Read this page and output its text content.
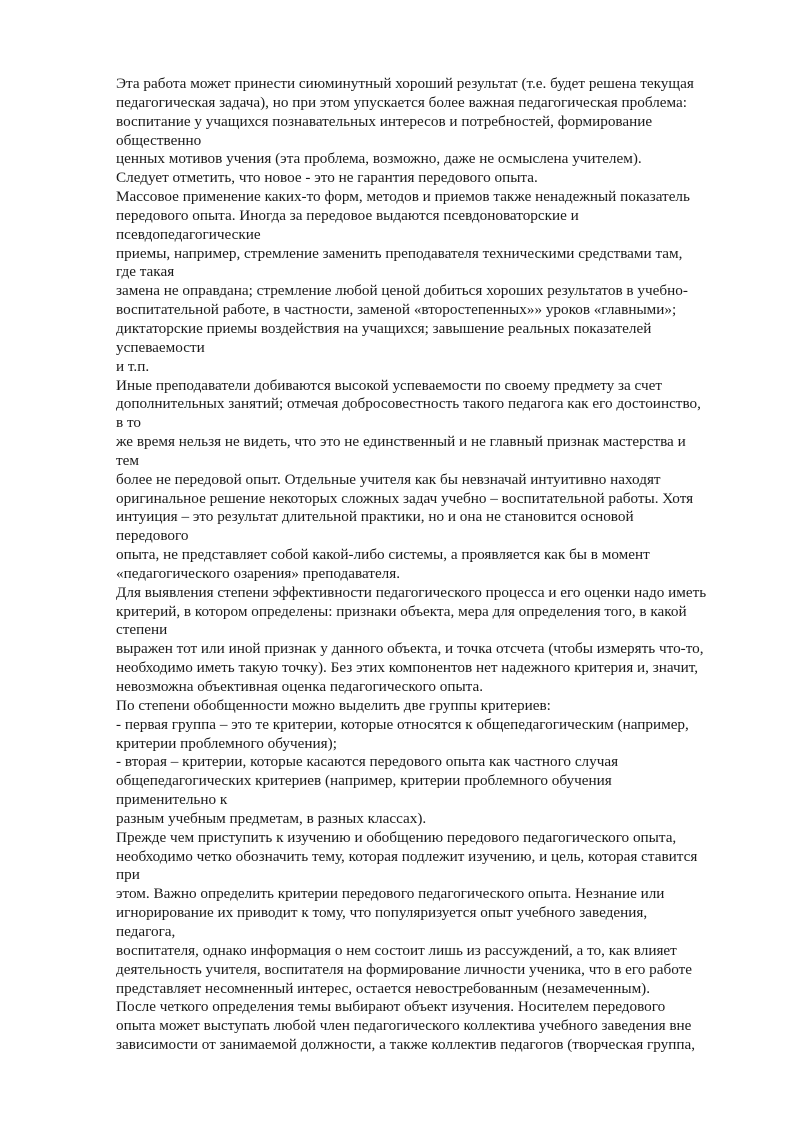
Эта работа может принести сиюминутный хороший результат (т.е. будет решена текущая
педагогическая задача), но при этом упускается более важная педагогическая проблема:
воспитание у учащихся познавательных интересов и потребностей, формирование
общественно
ценных мотивов учения (эта проблема, возможно, даже не осмыслена учителем).
Следует отметить, что новое - это не гарантия передового опыта.
Массовое применение каких-то форм, методов и приемов также ненадежный показатель
передового опыта. Иногда за передовое выдаются псевдоноваторские и
псевдопедагогические
приемы, например, стремление заменить преподавателя техническими средствами там,
где такая
замена не оправдана; стремление любой ценой добиться хороших результатов в учебно-
воспитательной работе, в частности, заменой «второстепенных»» уроков «главными»;
диктаторские приемы воздействия на учащихся; завышение реальных показателей
успеваемости
и т.п.
Иные преподаватели добиваются высокой успеваемости по своему предмету за счет
дополнительных занятий; отмечая добросовестность такого педагога как его достоинство,
в то
же время нельзя не видеть, что это не единственный и не главный признак мастерства и
тем
более не передовой опыт. Отдельные учителя как бы невзначай интуитивно находят
оригинальное решение некоторых сложных задач учебно – воспитательной работы. Хотя
интуиция – это результат длительной практики, но и она не становится основой
передового
опыта, не представляет собой какой-либо системы, а проявляется как бы в момент
«педагогического озарения» преподавателя.
Для выявления степени эффективности педагогического процесса и его оценки надо иметь
критерий, в котором определены: признаки объекта, мера для определения того, в какой
степени
выражен тот или иной признак у данного объекта, и точка отсчета (чтобы измерять что-то,
необходимо иметь такую точку). Без этих компонентов нет надежного критерия и, значит,
невозможна объективная оценка педагогического опыта.
По степени обобщенности можно выделить две группы критериев:
- первая группа – это те критерии, которые относятся к общепедагогическим (например,
критерии проблемного обучения);
- вторая – критерии, которые касаются передового опыта как частного случая
общепедагогических критериев (например, критерии проблемного обучения
применительно к
разным учебным предметам, в разных классах).
Прежде чем приступить к изучению и обобщению передового педагогического опыта,
необходимо четко обозначить тему, которая подлежит изучению, и цель, которая ставится
при
этом. Важно определить критерии передового педагогического опыта. Незнание или
игнорирование их приводит к тому, что популяризуется опыт учебного заведения,
педагога,
воспитателя, однако информация о нем состоит лишь из рассуждений, а то, как влияет
деятельность учителя, воспитателя на формирование личности ученика, что в его работе
представляет несомненный интерес, остается невостребованным (незамеченным).
После четкого определения темы выбирают объект изучения. Носителем передового
опыта может выступать любой член педагогического коллектива учебного заведения вне
зависимости от занимаемой должности, а также коллектив педагогов (творческая группа,
